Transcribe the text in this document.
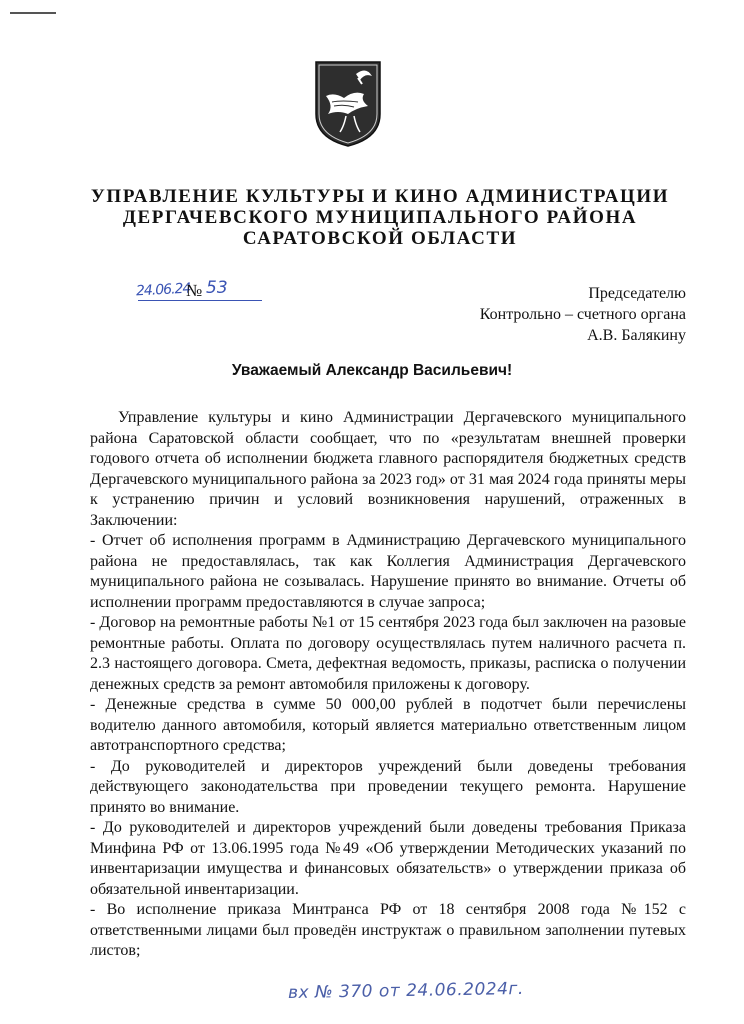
УПРАВЛЕНИЕ КУЛЬТУРЫ И КИНО АДМИНИСТРАЦИИ
ДЕРГАЧЕВСКОГО МУНИЦИПАЛЬНОГО РАЙОНА
САРАТОВСКОЙ ОБЛАСТИ
24.06.24
№ 53	Председателю
Контрольно – счетного органа
А.В. Балякину
Уважаемый Александр Васильевич!

Управление культуры и кино Администрации Дергачевского муниципального района Саратовской области сообщает, что по «результатам внешней проверки годового отчета об исполнении бюджета главного распорядителя бюджетных средств Дергачевского муниципального района за 2023 год» от 31 мая 2024 года приняты меры к устранению причин и условий возникновения нарушений, отраженных в Заключении:

- Отчет об исполнения программ в Администрацию Дергачевского муниципального района не предоставлялась, так как Коллегия Администрация Дергачевского муниципального района не созывалась. Нарушение принято во внимание. Отчеты об исполнении программ предоставляются в случае запроса;

- Договор на ремонтные работы №1 от 15 сентября 2023 года был заключен на разовые ремонтные работы. Оплата по договору осуществлялась путем наличного расчета п. 2.3 настоящего договора. Смета, дефектная ведомость, приказы, расписка о получении денежных средств за ремонт автомобиля приложены к договору.

- Денежные средства в сумме 50 000,00 рублей в подотчет были перечислены водителю данного автомобиля, который является материально ответственным лицом автотранспортного средства;

- До руководителей и директоров учреждений были доведены требования действующего законодательства при проведении текущего ремонта. Нарушение принято во внимание.

- До руководителей и директоров учреждений были доведены требования Приказа Минфина РФ от 13.06.1995 года №49 «Об утверждении Методических указаний по инвентаризации имущества и финансовых обязательств» о утверждении приказа об обязательной инвентаризации.

- Во исполнение приказа Минтранса РФ от 18 сентября 2008 года №152 с ответственными лицами был проведён инструктаж о правильном заполнении путевых листов;

вх № 370 от 24.06.2024г.
